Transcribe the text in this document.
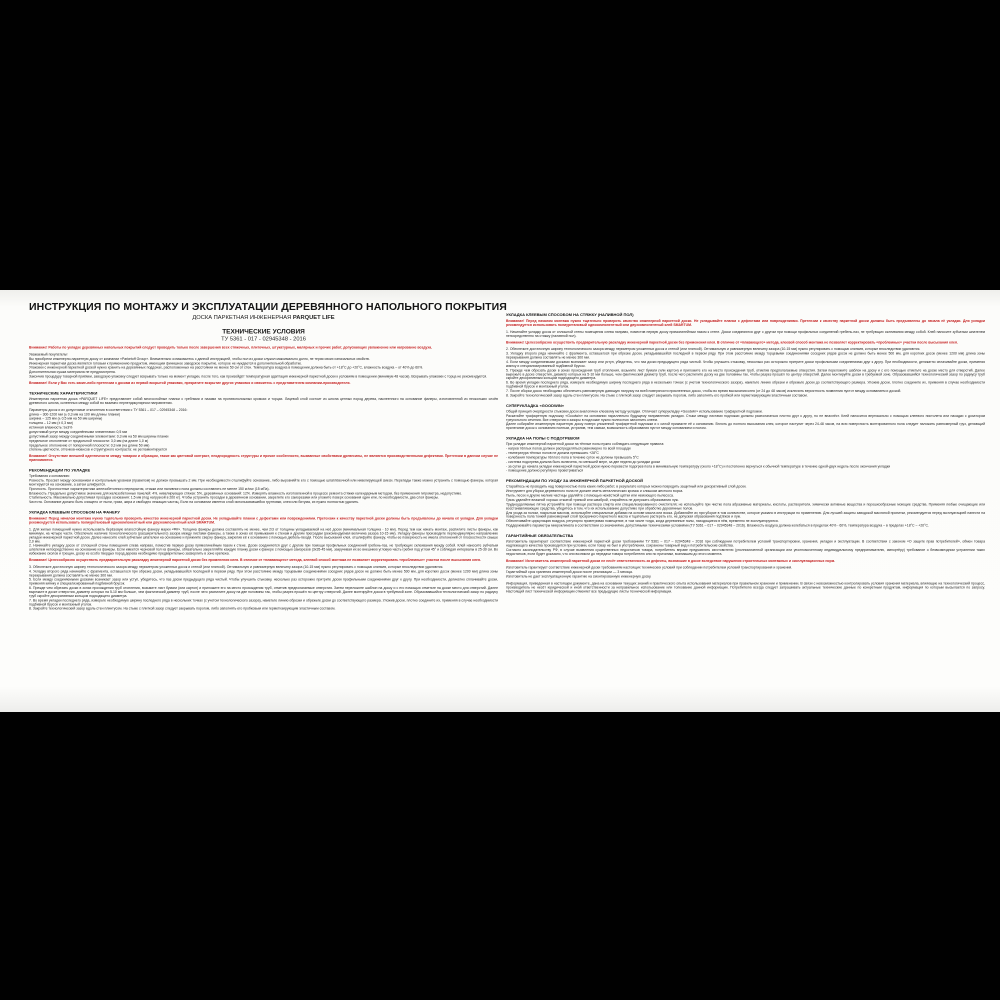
ИНСТРУКЦИЯ ПО МОНТАЖУ И ЭКСПЛУАТАЦИИ ДЕРЕВЯННОГО НАПОЛЬНОГО ПОКРЫТИЯ
ДОСКА ПАРКЕТНАЯ ИНЖЕНЕРНАЯ PARQUET LIFE
ТЕХНИЧЕСКИЕ УСЛОВИЯ
ТУ 5361 - 017 - 02945348 - 2016
Внимание! Работы по укладке деревянных напольных покрытий следует проводить только после завершения всех стяжечных, плиточных, штукатурных, малярных и прочих работ, допускающих увлажнение или нагревание воздуха.
Уважаемый покупатель!
Вы приобрели инженерно-паркетную доску от компании «Parketoff Group». Внимательно ознакомьтесь с данной инструкцией, чтобы пол из доски служил максимально долго, не теряя своих изначальных свойств.
Инженерная паркетная доска является готовым к применению продуктом, имеющим финишное заводское покрытие, которое не нуждается в дополнительной обработке.
Упаковки с инженерной паркетной доской нужно хранить на деревянных поддонах, расположенных на расстоянии не менее 50 см от стен. Температура воздуха в помещении должна быть от +18°С до +20°С, влажность воздуха – от 40% до 60%.
Дополнительная сушка материала не предусмотрена.
Закончив процедуру товарной приёмки, заводскую упаковку следует вскрывать только на момент укладки, после того, как произойдёт температурная адаптация инженерной паркетной доски к условиям в помещении (минимум 48 часов). Вскрывать упаковки с торца не рекомендуется.
Внимание! Если у Вас есть какие-либо претензии к доскам из первой вскрытой упаковки, прекратите вскрытие других упаковок и свяжитесь с представителем компании-производителя.
ТЕХНИЧЕСКИЕ ХАРАКТЕРИСТИКИ
Инженерная паркетная доска «PARQUET LIFE» представляет собой многослойные планки с гребнями и пазами на противоположных кромках и торцах. Лицевой слой состоит из шпона ценных пород дерева, наклеенного на основание фанеры, изготовленной из нескольких слоёв древесного шпона, склеенных между собой во взаимно перпендикулярном направлении.
Параметры досок и их допустимые отклонения в соответствии с ТУ 5361 – 017 – 02945348 – 2016:
длина – 300-1200 мм (± 0,3 мм на 100 мм длины планки)
ширина – 125 мм (± 0,5 мм на 50 мм ширины)
толщина – 12 мм (± 0,3 мм)
истинная влажность: 9±3%
допустимый уступ между соединёнными элементами: 0,5 мм
допустимый зазор между соединёнными элементами: 0,3 мм на 50 мм ширины планки
предельное отклонение от продольной плоскости: 3,0 мм (на длине 1,0 м)
предельное отклонение от поперечной плоскости: 0,3 мм (на длине 50 мм)
степень цветности, оттенков-нюансов и структурного контраста: не регламентируется
Внимание! Отсутствие внешней идентичности между товаром и образцом, также как цветовой контраст, неоднородность структуры и прочие особенности, вызванные свойствами древесины, не являются производственными дефектами. Претензии в данном случае не принимаются.
РЕКОМЕНДАЦИИ ПО УКЛАДКЕ
Требования к основанию:
Ровность. Просвет между основанием и контрольным уровнем (правилом) не должен превышать 2 мм. При необходимости отшлифуйте основание, либо выровняйте его с помощью шпатлёвочной или нивелирующей смеси. Перепады также можно устранить с помощью фанеры, которая монтируется на основание, а затем шлифуется.
Прочность. Прочностные характеристики железобетонного перекрытия, стяжки или наливного пола должны составлять не менее 150 кг/см² (15 мПа).
Влажность. Предельно допустимое значение для железобетонных панелей: 4%, нивелирующих стяжек: 5%, деревянных оснований: 12%. Измерять влажность изготовленной в процессе ремонта стяжки календарным методом, без применения гигрометра, недопустимо.
Стабильность. Максимально допустимая просадка основания: 1,5 мм (под нагрузкой в 200 кг). Чтобы устранить просадки в деревянном основании, закрепите его саморезами или уложите поверх основания один или, по необходимости, два слоя фанеры.
Чистота. Основание должно быть очищено от пыли, грязи, жира и свободно лежащих частиц. Если на основании имеется слой использовавшейся грунтовки, клея или битума, их нужно полностью удалить.
УКЛАДКА КЛЕЕВЫМ СПОСОБОМ НА ФАНЕРУ
Внимание! Перед началом монтажа нужно тщательно проверить качество инженерной паркетной доски. Не укладывайте планки с дефектами или повреждениями. Претензии к качеству паркетной доски должны быть предъявлены до начала её укладки. Для укладки рекомендуется использовать полиуретановый однокомпонентный или двухкомпонентный клей SMARTUM.
1. Для жилых помещений нужно использовать берёзовую влагостойкую фанеру марки «ФК». Толщина фанеры должна составлять не менее, чем 2/3 от толщины укладываемой на неё доски (минимальная толщина - 10 мм). Перед тем как начать монтаж, распилите листы фанеры, как минимум, на четыре части. Обеспечьте наличие технологического (расширительного) зазора между листами фанеры, а также в зонах её примыкания к стенам и другим преградам (рекомендуемая величина зазора 10-15 мм). Укладку фанеры производите перпендикулярно направлению укладки инженерной паркетной доски. Далее нанесите клей зубчатым шпателем на основание и прижмите сверху фанеру, закрепив её к основанию с помощью дюбель-гвоздя. После высыхания клея, отшлифуйте фанеру, чтобы ее поверхность не имела отклонений от плоскостности свыше 2,0 мм.
2. Начинайте укладку досок от сплошной стены помещения слева направо, поместив первую доску прямолинейным пазом к стене. Доски соединяются друг с другом при помощи профильных соединений гребень-паз, не требующих склеивания между собой. Клей наносите зубчатым шпателем непосредственно на основание из фанеры. Если имеется черновой пол из фанеры, обязательно закрепляйте каждую планку доски к фанере с помощью саморезов (3х35-45 мм), закручивая их во внешнюю угловую часть гребня под углом 45° и соблюдая интервалы в 25-30 см. Во избежание сколов и трещин, доску из особо твердых пород дерева необходимо предварительно засверлить в зоне крепежа.
Внимание! Целесообразно осуществить предварительную раскладку инженерной паркетной доски без применения клея. В отличие от «плавающего» метода, клеевой способ монтажа не позволяет корректировать «проблемные» участки после высыхания клея.
3. Обеспечьте достаточную ширину технологического зазора между периметром уложенных досок и стеной (или плиткой). Оптимальную и равномерную величину зазора (10-15 мм) нужно регулировать с помощью клиньев, которые впоследствии удаляются.
4. Укладку второго ряда начинайте с фрагмента, оставшегося при обрезке доски, укладывавшейся последней в первом ряду. При этом расстояние между торцевыми соединениями соседних рядов досок не должно быть менее 500 мм, для коротких досок (менее 1200 мм) длина зоны перекрывания должна составлять не менее 300 мм.
5. Если между соединяемыми досками возникает зазор или уступ, убедитесь, что паз доски предыдущего ряда чистый. Чтобы улучшить стыковку, несколько раз осторожно притрите доски профильными соединениями друг к другу. При необходимости, деликатно сплачивайте доски, применяя киянку и специализированный подбивной брусок.
6. Прежде чем обрезать доски в зонах прохождения труб отопления, возьмите лист бумаги (или картон) и приложите его на место прохождения труб, отметив предполагаемые отверстия. Затем переложите шаблон на доску и с его помощью отметьте на доске место для отверстий. Далее вырежьте в доске отверстия, диаметр которых на 5-10 мм больше, чем фактический диаметр труб, после чего распилите доску на две половины так, чтобы разрез прошёл по центру отверстий. Далее монтируйте доски в требуемой зоне. Образовавшийся технологический зазор по радиусу труб скройте декоративным кольцом подходящего диаметра.
7. Во время укладки последнего ряда, измерьте необходимую ширину последнего ряда в нескольких точках (с учетом технологического зазора), наметьте линию обрезки и обрежьте доски до соответствующего размера. Уложив доски, плотно соедините их, применяя в случае необходимости подбивной брусок и монтажный уголок.
8. Закройте технологический зазор вдоль стен плинтусом. На стыке с плиткой зазор следует закрывать порогом, либо заполнять его пробковым или герметизирующим эластичным составом.
УКЛАДКА КЛЕЕВЫМ СПОСОБОМ НА СТЯЖКУ (НАЛИВНОЙ ПОЛ)
Внимание! Перед началом монтажа нужно тщательно проверить качество инженерной паркетной доски. Не укладывайте планки с дефектами или повреждениями. Претензии к качеству паркетной доски должны быть предъявлены до начала её укладки. Для укладки рекомендуется использовать полиуретановый однокомпонентный или двухкомпонентный клей SMARTUM.
1. Начинайте укладку досок от сплошной стены помещения слева направо, поместив первую доску прямолинейным пазом к стене. Доски соединяются друг с другом при помощи профильных соединений гребень-паз, не требующих склеивания между собой. Клей наносите зубчатым шпателем непосредственно на стяжку (наливной пол).
Внимание! Целесообразно осуществить предварительную раскладку инженерной паркетной доски без применения клея. В отличие от «плавающего» метода, клеевой способ монтажа не позволяет корректировать «проблемные» участки после высыхания клея.
2. Обеспечьте достаточную ширину технологического зазора между периметром уложенных досок и стеной (или плиткой). Оптимальную и равномерную величину зазора (10-15 мм) нужно регулировать с помощью клиньев, которые впоследствии удаляются.
3. Укладку второго ряда начинайте с фрагмента, оставшегося при обрезке доски, укладывавшейся последней в первом ряду. При этом расстояние между торцевыми соединениями соседних рядов досок не должно быть менее 500 мм, для коротких досок (менее 1200 мм) длина зоны перекрывания должна составлять не менее 300 мм.
4. Если между соединяемыми досками возникает зазор или уступ, убедитесь, что паз доски предыдущего ряда чистый. Чтобы улучшить стыковку, несколько раз осторожно притрите доски профильными соединениями друг к другу. При необходимости, деликатно сплачивайте доски, применяя киянку и специализированный подбивной брусок.
5. Прежде чем обрезать доски в зонах прохождения труб отопления, возьмите лист бумаги (или картон) и приложите его на место прохождения труб, отметив предполагаемые отверстия. Затем переложите шаблон на доску и с его помощью отметьте на доске место для отверстий. Далее вырежьте в доске отверстия, диаметр которых на 5-10 мм больше, чем фактический диаметр труб, после чего распилите доску на две половины так, чтобы разрез прошёл по центру отверстий. Далее монтируйте доски в требуемой зоне. Образовавшийся технологический зазор по радиусу труб скройте декоративным кольцом подходящего диаметра.
6. Во время укладки последнего ряда, измерьте необходимую ширину последнего ряда в нескольких точках (с учетом технологического зазора), наметьте линию обрезки и обрежьте доски до соответствующего размера. Уложив доски, плотно соедините их, применяя в случае необходимости подбивной брусок и монтажный уголок.
7. После сборки досок необходимо обеспечить равномерную давящую нагрузку на всей поверхности приклеенных досок, чтобы во время высыхания клея (от 24 до 48 часов) исключить вероятность появления пустот между основанием и доской.
8. Закройте технологический зазор вдоль стен плинтусом. На стыке с плиткой зазор следует закрывать порогом, либо заполнять его пробкой или герметизирующим эластичным составом.
СУПЕРУКЛАДКА «GOODWIN»
Общий принцип очерёдности стыковки досок аналогичен клеевому методу укладки. Отличает суперукладку «Goodwin» использование трафаретной подложки.
Раскатайте трафаретную подложку «Goodwin» на основании параллельно будущему направлению укладки. Стыки между листами подложки должны располагаться плотно друг к другу, но не внахлёст. Клей наносится вертикально с помощью клеевого пистолета или насадки с дозатором треугольного сечения. Все отверстия и зазоры в подложке нужно полностью заполнить клеем.
Далее собирайте инженерную паркетную доску поверх уложенной трафаретной подложки и с силой прижмите её к основанию. Вплоть до полного высыхания клея, которое наступит через 24-48 часов, на всю поверхность монтированного пола следует наложить равномерный груз, делающий прилегание досок к основанию полным, устранив, тем самым, возможность образования пустот между основанием и полом.
УКЛАДКА НА ПОЛЫ С ПОДОГРЕВОМ
При укладке инженерной паркетной доски на тёплые полы нужно соблюдать следующие правила:
- нагрев тёплых полов должен распределяться равномерно по всей площади
- температура тёплых полов не должна превышать +28°С
- колебания температуры тёплого пола в течение суток не должны превышать 5°С
- система подогрева должна быть включена, по меньшей мере, за две недели до укладки доски
- за сутки до начала укладки инженерной паркетной доски нужно перевести подогрев пола в минимальную температуру (около +18°С) и постепенно вернуться к обычной температуре в течение одной-двух недель после окончания укладки
- помещение должно регулярно проветриваться
РЕКОМЕНДАЦИИ ПО УХОДУ ЗА ИНЖЕНЕРНОЙ ПАРКЕТНОЙ ДОСКОЙ
Старайтесь не проводить над поверхностью пола каких-либо работ, в результате которых можно повредить защитный или декоративный слой доски.
Инструмент для уборки деревянного пола не должен иметь металлических кромок и слишком жесткого ворса.
Пыль, песок и другие мелкие частицы удаляйте с помощью нежёсткой щётки или немоющего пылесоса.
Грязь удаляйте влажной хорошо отжатой тряпкой или шваброй, старайтесь не допускать образования луж.
Трудноудаляемые пятна устраняйте при помощи раствора спирта или специализированного очистителя; не используйте при чистке пола абразивные материалы, кислоты, растворители, химически активные вещества и порошкообразные моющие средства. Применяя любые очищающие или восстанавливающие средства, убедитесь в том, что их использование допустимо при обработке деревянных полов.
Для ухода за полом, покрытым маслом, используйте специальные добавки на основе масла или воска. Добавляйте их при уборке в том количестве, которое указано в инструкции по применению. Для лучшей защиты заводской масляной пропитки, рекомендуется перед эксплуатацией нанести на поверхность пола тонкий равномерный слой прозрачного паркетного масла и тщательно растереть его, не допуская образования подтёков и луж.
Обеспечивайте циркуляцию воздуха, регулярно проветривая помещение, в том числе тогда, когда деревянные полы, находящиеся в нём, временно не эксплуатируются.
Поддерживайте параметры микроклимата в соответствии со значениями, допустимыми техническими условиями (ТУ 5361 – 017 – 02945348 – 2016). Влажность воздуха должна колебаться в пределах 40% - 60%, температура воздуха – в пределах +18°С – +20°С.
ГАРАНТИЙНЫЕ ОБЯЗАТЕЛЬСТВА
Изготовитель гарантирует соответствие инженерной паркетной доски требованиям ТУ 5361 – 017 – 02945348 – 2016 при соблюдении потребителем условий транспортировки, хранения, укладки и эксплуатации. В соответствии с законом «О защите прав потребителей», обмен товара надлежащего качества производится при условии, если товар не был в употреблении, сохранены товарный вид и потребительские свойства.
Согласно законодательству РФ, в случае выявления существенных недостатков товара, потребитель вправе предъявлять изготовителю (уполномоченной организации или уполномоченному индивидуальному предпринимателю, импортёру) требование о безвозмездном устранении таких недостатков, если будет доказано, что они возникли до передачи товара потребителю или по причинам, возникшим до этого момента.
Внимание! Изготовитель инженерной паркетной доски не несёт ответственность за дефекты, возникшие в доске вследствие нарушения строительных монтажных и эксплуатационных норм.
Изготовитель гарантирует соответствие инженерной доски требованиям настоящих технических условий при соблюдении потребителем условий транспортирования и хранения.
Гарантийный срок хранения инженерной доски после реализации — 3 месяца.
Изготовитель не дает эксплуатационную гарантию на смонтированную инженерную доску.
Информация, приведенная в настоящем документе, дана на основании текущих знаний и практического опыта использования материалов при правильном хранении и применении. В связи с невозможностью контролировать условия хранения материала, влияющие на технологический процесс, производитель не несёт юридической и иной ответственности за неправильное использование или толкование данной информации. Потребителю всегда следует запрашивать актуальные технические данные по конкретным продуктам, информация по которым высылается по запросу. Настоящий лист технической информации отменяет все предыдущие листы технической информации.
